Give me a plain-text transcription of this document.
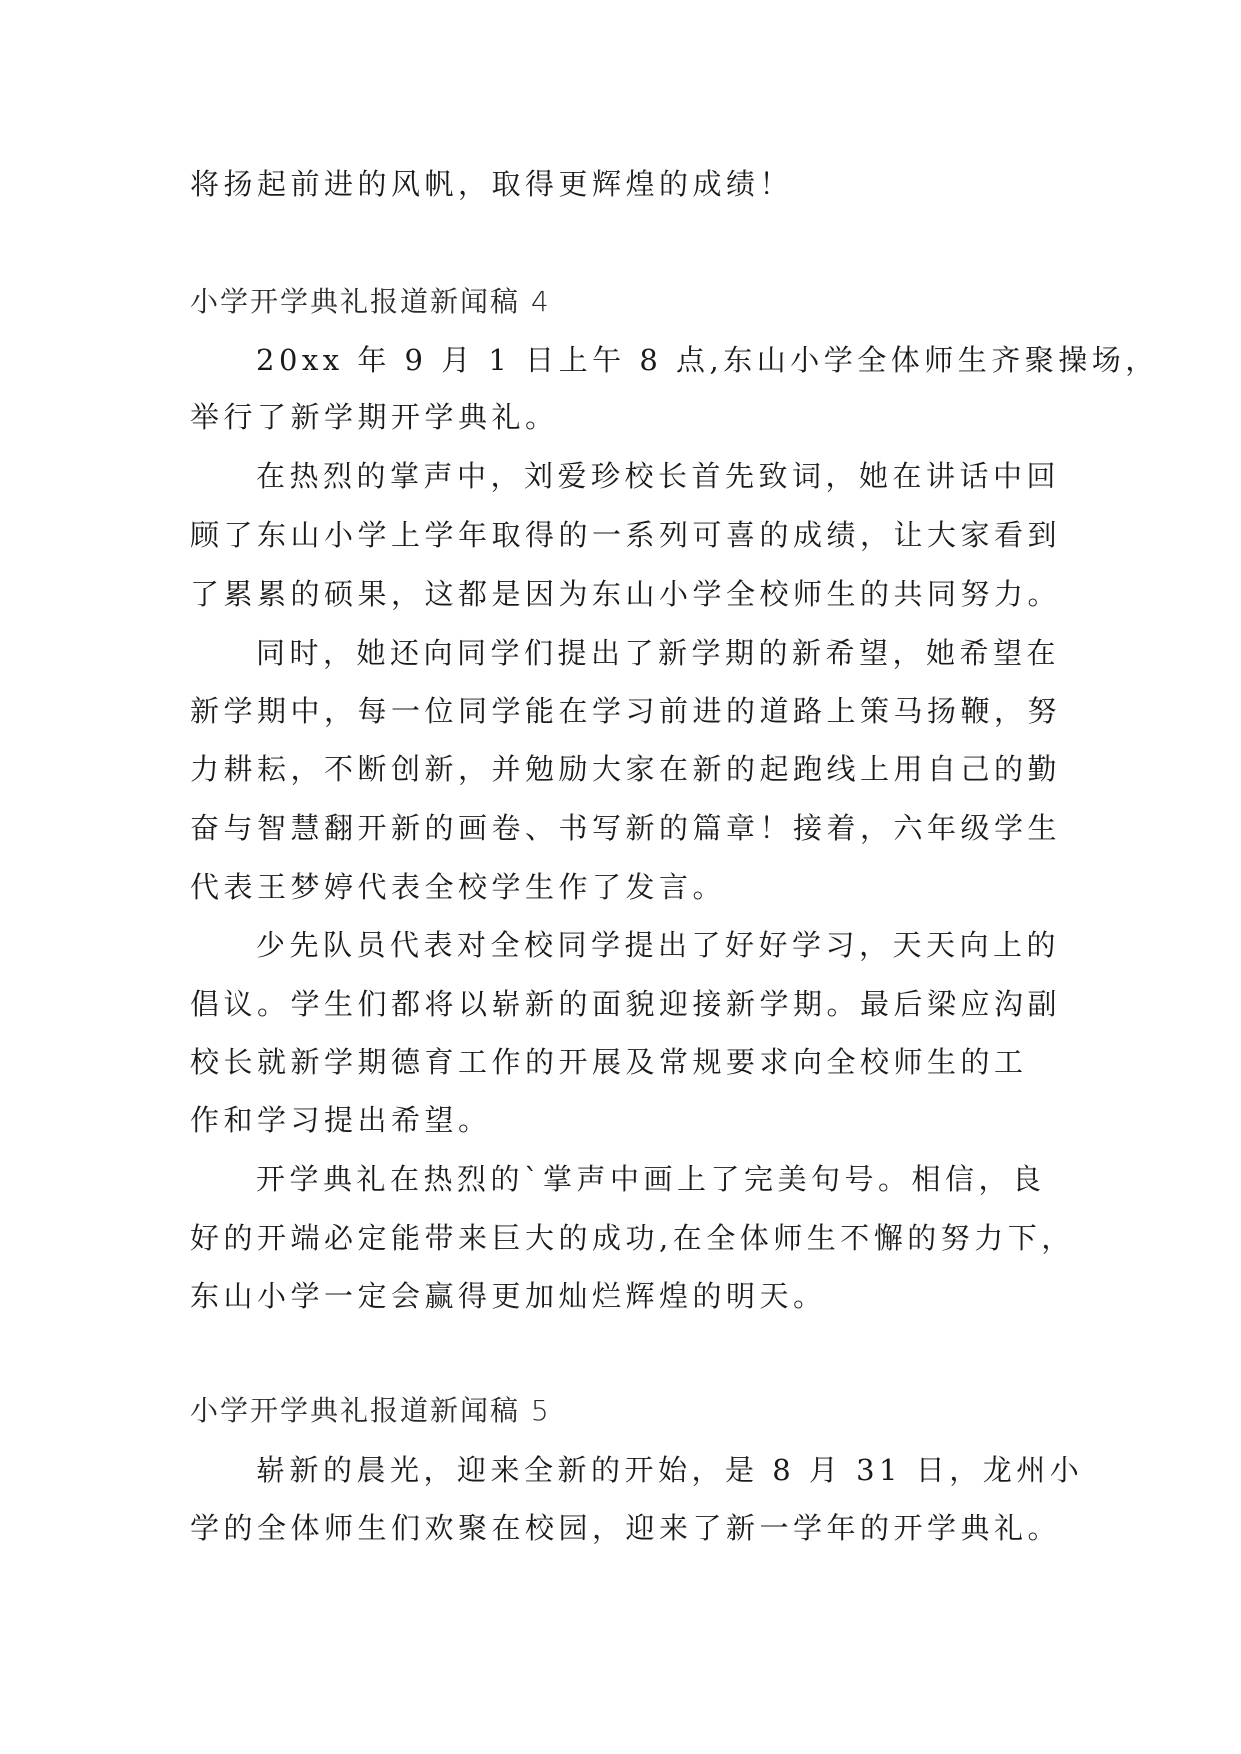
将扬起前进的风帆，取得更辉煌的成绩！
小学开学典礼报道新闻稿 4
20xx 年 9 月 1 日上午 8 点,东山小学全体师生齐聚操场，
举行了新学期开学典礼。
在热烈的掌声中，刘爱珍校长首先致词，她在讲话中回
顾了东山小学上学年取得的一系列可喜的成绩，让大家看到
了累累的硕果，这都是因为东山小学全校师生的共同努力。
同时，她还向同学们提出了新学期的新希望，她希望在
新学期中，每一位同学能在学习前进的道路上策马扬鞭，努
力耕耘，不断创新，并勉励大家在新的起跑线上用自己的勤
奋与智慧翻开新的画卷、书写新的篇章！接着，六年级学生
代表王梦婷代表全校学生作了发言。
少先队员代表对全校同学提出了好好学习，天天向上的
倡议。学生们都将以崭新的面貌迎接新学期。最后梁应沟副
校长就新学期德育工作的开展及常规要求向全校师生的工
作和学习提出希望。
开学典礼在热烈的`掌声中画上了完美句号。相信，良
好的开端必定能带来巨大的成功,在全体师生不懈的努力下，
东山小学一定会赢得更加灿烂辉煌的明天。
小学开学典礼报道新闻稿 5
崭新的晨光，迎来全新的开始，是 8 月 31 日，龙州小
学的全体师生们欢聚在校园，迎来了新一学年的开学典礼。
